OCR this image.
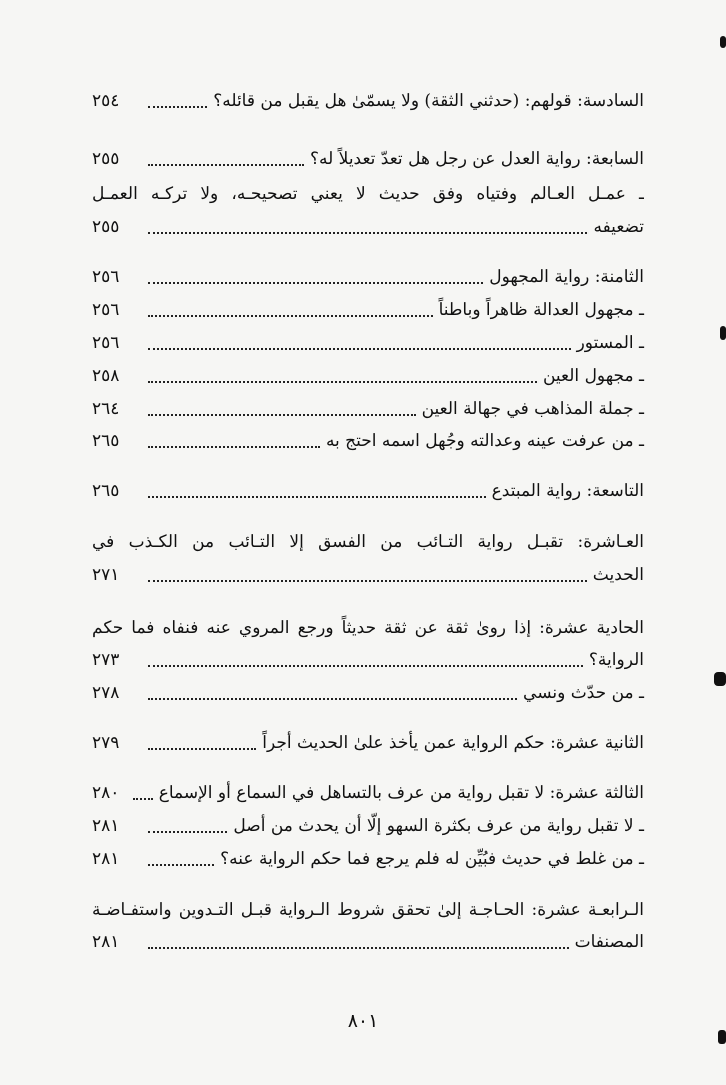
السادسة: قولهم: (حدثني الثقة) ولا يسمّىٰ هل يقبل من قائله؟
٢٥٤
السابعة: رواية العدل عن رجل هل تعدّ تعديلاً له؟
٢٥٥
ـ عمـل العـالم وفتياه وفق حديث لا يعني تصحيحـه، ولا تركـه العمـل
تضعيفه
٢٥٥
الثامنة: رواية المجهول
٢٥٦
ـ مجهول العدالة ظاهراً وباطناً
٢٥٦
ـ المستور
٢٥٦
ـ مجهول العين
٢٥٨
ـ جملة المذاهب في جهالة العين
٢٦٤
ـ من عرفت عينه وعدالته وجُهل اسمه احتج به
٢٦٥
التاسعة: رواية المبتدع
٢٦٥
العـاشرة: تقبـل رواية التـائب من الفسق إلا التـائب من الكـذب في
الحديث
٢٧١
الحادية عشرة: إذا روىٰ ثقة عن ثقة حديثاً ورجع المروي عنه فنفاه فما حكم
الرواية؟
٢٧٣
ـ من حدّث ونسي
٢٧٨
الثانية عشرة: حكم الرواية عمن يأخذ علىٰ الحديث أجراً
٢٧٩
الثالثة عشرة: لا تقبل رواية من عرف بالتساهل في السماع أو الإسماع
٢٨٠
ـ لا تقبل رواية من عرف بكثرة السهو إلّا أن يحدث من أصل
٢٨١
ـ من غلط في حديث فبُيِّن له فلم يرجع فما حكم الرواية عنه؟
٢٨١
الـرابعـة عشرة: الحـاجـة إلىٰ تحقق شروط الـرواية قبـل التـدوين واستفـاضـة
المصنفات
٢٨١
٨٠١
